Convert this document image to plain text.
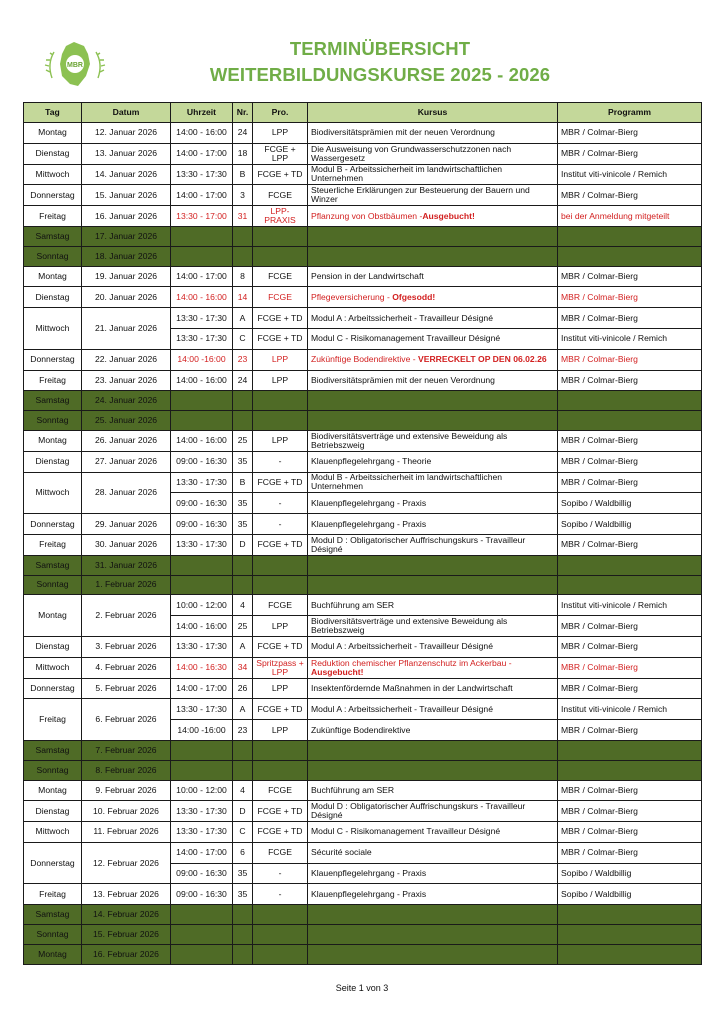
MBR
TERMINÜBERSICHT
WEITERBILDUNGSKURSE 2025 - 2026
Tag	Datum	Uhrzeit	Nr.	Pro.	Kursus	Programm
Montag	12. Januar 2026	14:00 - 16:00	24	LPP	Biodiversitätsprämien mit der neuen Verordnung	MBR / Colmar-Bierg
Dienstag	13. Januar 2026	14:00 - 17:00	18	FCGE + LPP	Die Ausweisung von Grundwasserschutzzonen nach Wassergesetz	MBR / Colmar-Bierg
Mittwoch	14. Januar 2026	13:30 - 17:30	B	FCGE + TD	Modul B - Arbeitssicherheit im landwirtschaftlichen Unternehmen	Institut viti-vinicole / Remich
Donnerstag	15. Januar 2026	14:00 - 17:00	3	FCGE	Steuerliche Erklärungen zur Besteuerung der Bauern und Winzer	MBR / Colmar-Bierg
Freitag	16. Januar 2026	13:30 - 17:00	31	LPP-PRAXIS	Pflanzung von Obstbäumen -Ausgebucht!	bei der Anmeldung mitgeteilt
Samstag	17. Januar 2026					
Sonntag	18. Januar 2026					
Montag	19. Januar 2026	14:00 - 17:00	8	FCGE	Pension in der Landwirtschaft	MBR / Colmar-Bierg
Dienstag	20. Januar 2026	14:00 - 16:00	14	FCGE	Pflegeversicherung - Ofgesodd!	MBR / Colmar-Bierg
Mittwoch	21. Januar 2026	13:30 - 17:30	A	FCGE + TD	Modul A : Arbeitssicherheit - Travailleur Désigné	MBR / Colmar-Bierg
		13:30 - 17:30	C	FCGE + TD	Modul C - Risikomanagement Travailleur Désigné	Institut viti-vinicole / Remich
Donnerstag	22. Januar 2026	14:00 -16:00	23	LPP	Zukünftige Bodendirektive - VERRECKELT OP DEN 06.02.26	MBR / Colmar-Bierg
Freitag	23. Januar 2026	14:00 - 16:00	24	LPP	Biodiversitätsprämien mit der neuen Verordnung	MBR / Colmar-Bierg
Samstag	24. Januar 2026					
Sonntag	25. Januar 2026					
Montag	26. Januar 2026	14:00 - 16:00	25	LPP	Biodiversitätsverträge und extensive Beweidung als Betriebszweig	MBR / Colmar-Bierg
Dienstag	27. Januar 2026	09:00 - 16:30	35	-	Klauenpflegelehrgang - Theorie	MBR / Colmar-Bierg
Mittwoch	28. Januar 2026	13:30 - 17:30	B	FCGE + TD	Modul B - Arbeitssicherheit im landwirtschaftlichen Unternehmen	MBR / Colmar-Bierg
		09:00 - 16:30	35	-	Klauenpflegelehrgang - Praxis	Sopibo / Waldbillig
Donnerstag	29. Januar 2026	09:00 - 16:30	35	-	Klauenpflegelehrgang - Praxis	Sopibo / Waldbillig
Freitag	30. Januar 2026	13:30 - 17:30	D	FCGE + TD	Modul D : Obligatorischer Auffrischungskurs - Travailleur Désigné	MBR / Colmar-Bierg
Samstag	31. Januar 2026					
Sonntag	1. Februar 2026					
Montag	2. Februar 2026	10:00 - 12:00	4	FCGE	Buchführung am SER	Institut viti-vinicole / Remich
		14:00 - 16:00	25	LPP	Biodiversitätsverträge und extensive Beweidung als Betriebszweig	MBR / Colmar-Bierg
Dienstag	3. Februar 2026	13:30 - 17:30	A	FCGE + TD	Modul A : Arbeitssicherheit - Travailleur Désigné	MBR / Colmar-Bierg
Mittwoch	4. Februar 2026	14:00 - 16:30	34	Spritzpass + LPP	Reduktion chemischer Pflanzenschutz im Ackerbau - Ausgebucht!	MBR / Colmar-Bierg
Donnerstag	5. Februar 2026	14:00 - 17:00	26	LPP	Insektenfördernde Maßnahmen in der Landwirtschaft	MBR / Colmar-Bierg
Freitag	6. Februar 2026	13:30 - 17:30	A	FCGE + TD	Modul A : Arbeitssicherheit - Travailleur Désigné	Institut viti-vinicole / Remich
		14:00 -16:00	23	LPP	Zukünftige Bodendirektive	MBR / Colmar-Bierg
Samstag	7. Februar 2026					
Sonntag	8. Februar 2026					
Montag	9. Februar 2026	10:00 - 12:00	4	FCGE	Buchführung am SER	MBR / Colmar-Bierg
Dienstag	10. Februar 2026	13:30 - 17:30	D	FCGE + TD	Modul D : Obligatorischer Auffrischungskurs - Travailleur Désigné	MBR / Colmar-Bierg
Mittwoch	11. Februar 2026	13:30 - 17:30	C	FCGE + TD	Modul C - Risikomanagement Travailleur Désigné	MBR / Colmar-Bierg
Donnerstag	12. Februar 2026	14:00 - 17:00	6	FCGE	Sécurité sociale	MBR / Colmar-Bierg
		09:00 - 16:30	35	-	Klauenpflegelehrgang - Praxis	Sopibo / Waldbillig
Freitag	13. Februar 2026	09:00 - 16:30	35	-	Klauenpflegelehrgang - Praxis	Sopibo / Waldbillig
Samstag	14. Februar 2026					
Sonntag	15. Februar 2026					
Montag	16. Februar 2026					
Seite 1 von 3
